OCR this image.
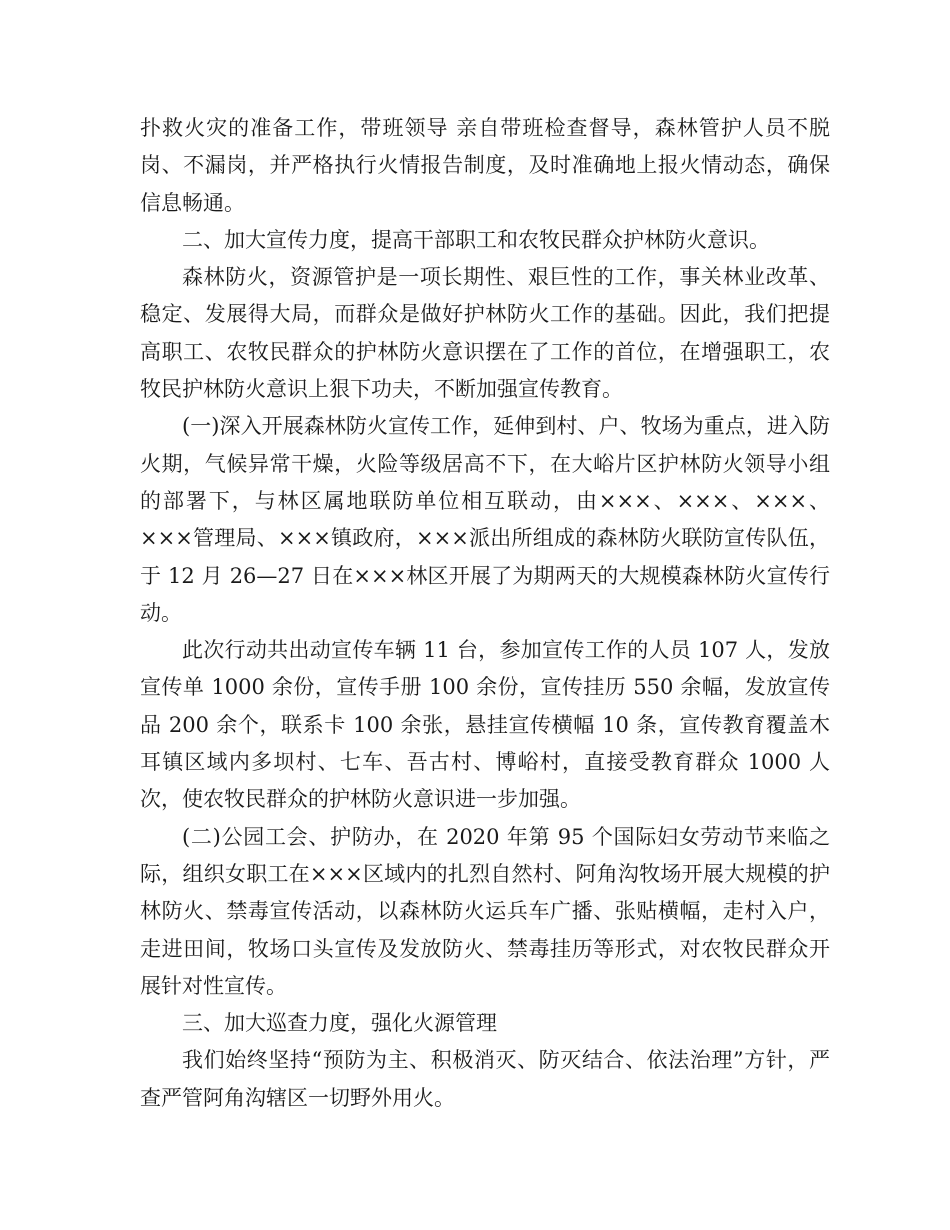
扑救火灾的准备工作，带班领导 亲自带班检查督导，森林管护人员不脱岗、不漏岗，并严格执行火情报告制度，及时准确地上报火情动态，确保信息畅通。

二、加大宣传力度，提高干部职工和农牧民群众护林防火意识。

森林防火，资源管护是一项长期性、艰巨性的工作，事关林业改革、稳定、发展得大局，而群众是做好护林防火工作的基础。因此，我们把提高职工、农牧民群众的护林防火意识摆在了工作的首位，在增强职工，农牧民护林防火意识上狠下功夫，不断加强宣传教育。

(一)深入开展森林防火宣传工作，延伸到村、户、牧场为重点，进入防火期，气候异常干燥，火险等级居高不下，在大峪片区护林防火领导小组的部署下，与林区属地联防单位相互联动，由×××、×××、×××、×××管理局、×××镇政府，×××派出所组成的森林防火联防宣传队伍，于 12 月 26—27 日在×××林区开展了为期两天的大规模森林防火宣传行动。

此次行动共出动宣传车辆 11 台，参加宣传工作的人员 107 人，发放宣传单 1000 余份，宣传手册 100 余份，宣传挂历 550 余幅，发放宣传品 200 余个，联系卡 100 余张，悬挂宣传横幅 10 条，宣传教育覆盖木耳镇区域内多坝村、七车、吾古村、博峪村，直接受教育群众 1000 人次，使农牧民群众的护林防火意识进一步加强。

(二)公园工会、护防办，在 2020 年第 95 个国际妇女劳动节来临之际，组织女职工在×××区域内的扎烈自然村、阿角沟牧场开展大规模的护林防火、禁毒宣传活动，以森林防火运兵车广播、张贴横幅，走村入户，走进田间，牧场口头宣传及发放防火、禁毒挂历等形式，对农牧民群众开展针对性宣传。

三、加大巡查力度，强化火源管理

我们始终坚持“预防为主、积极消灭、防灭结合、依法治理”方针，严查严管阿角沟辖区一切野外用火。
